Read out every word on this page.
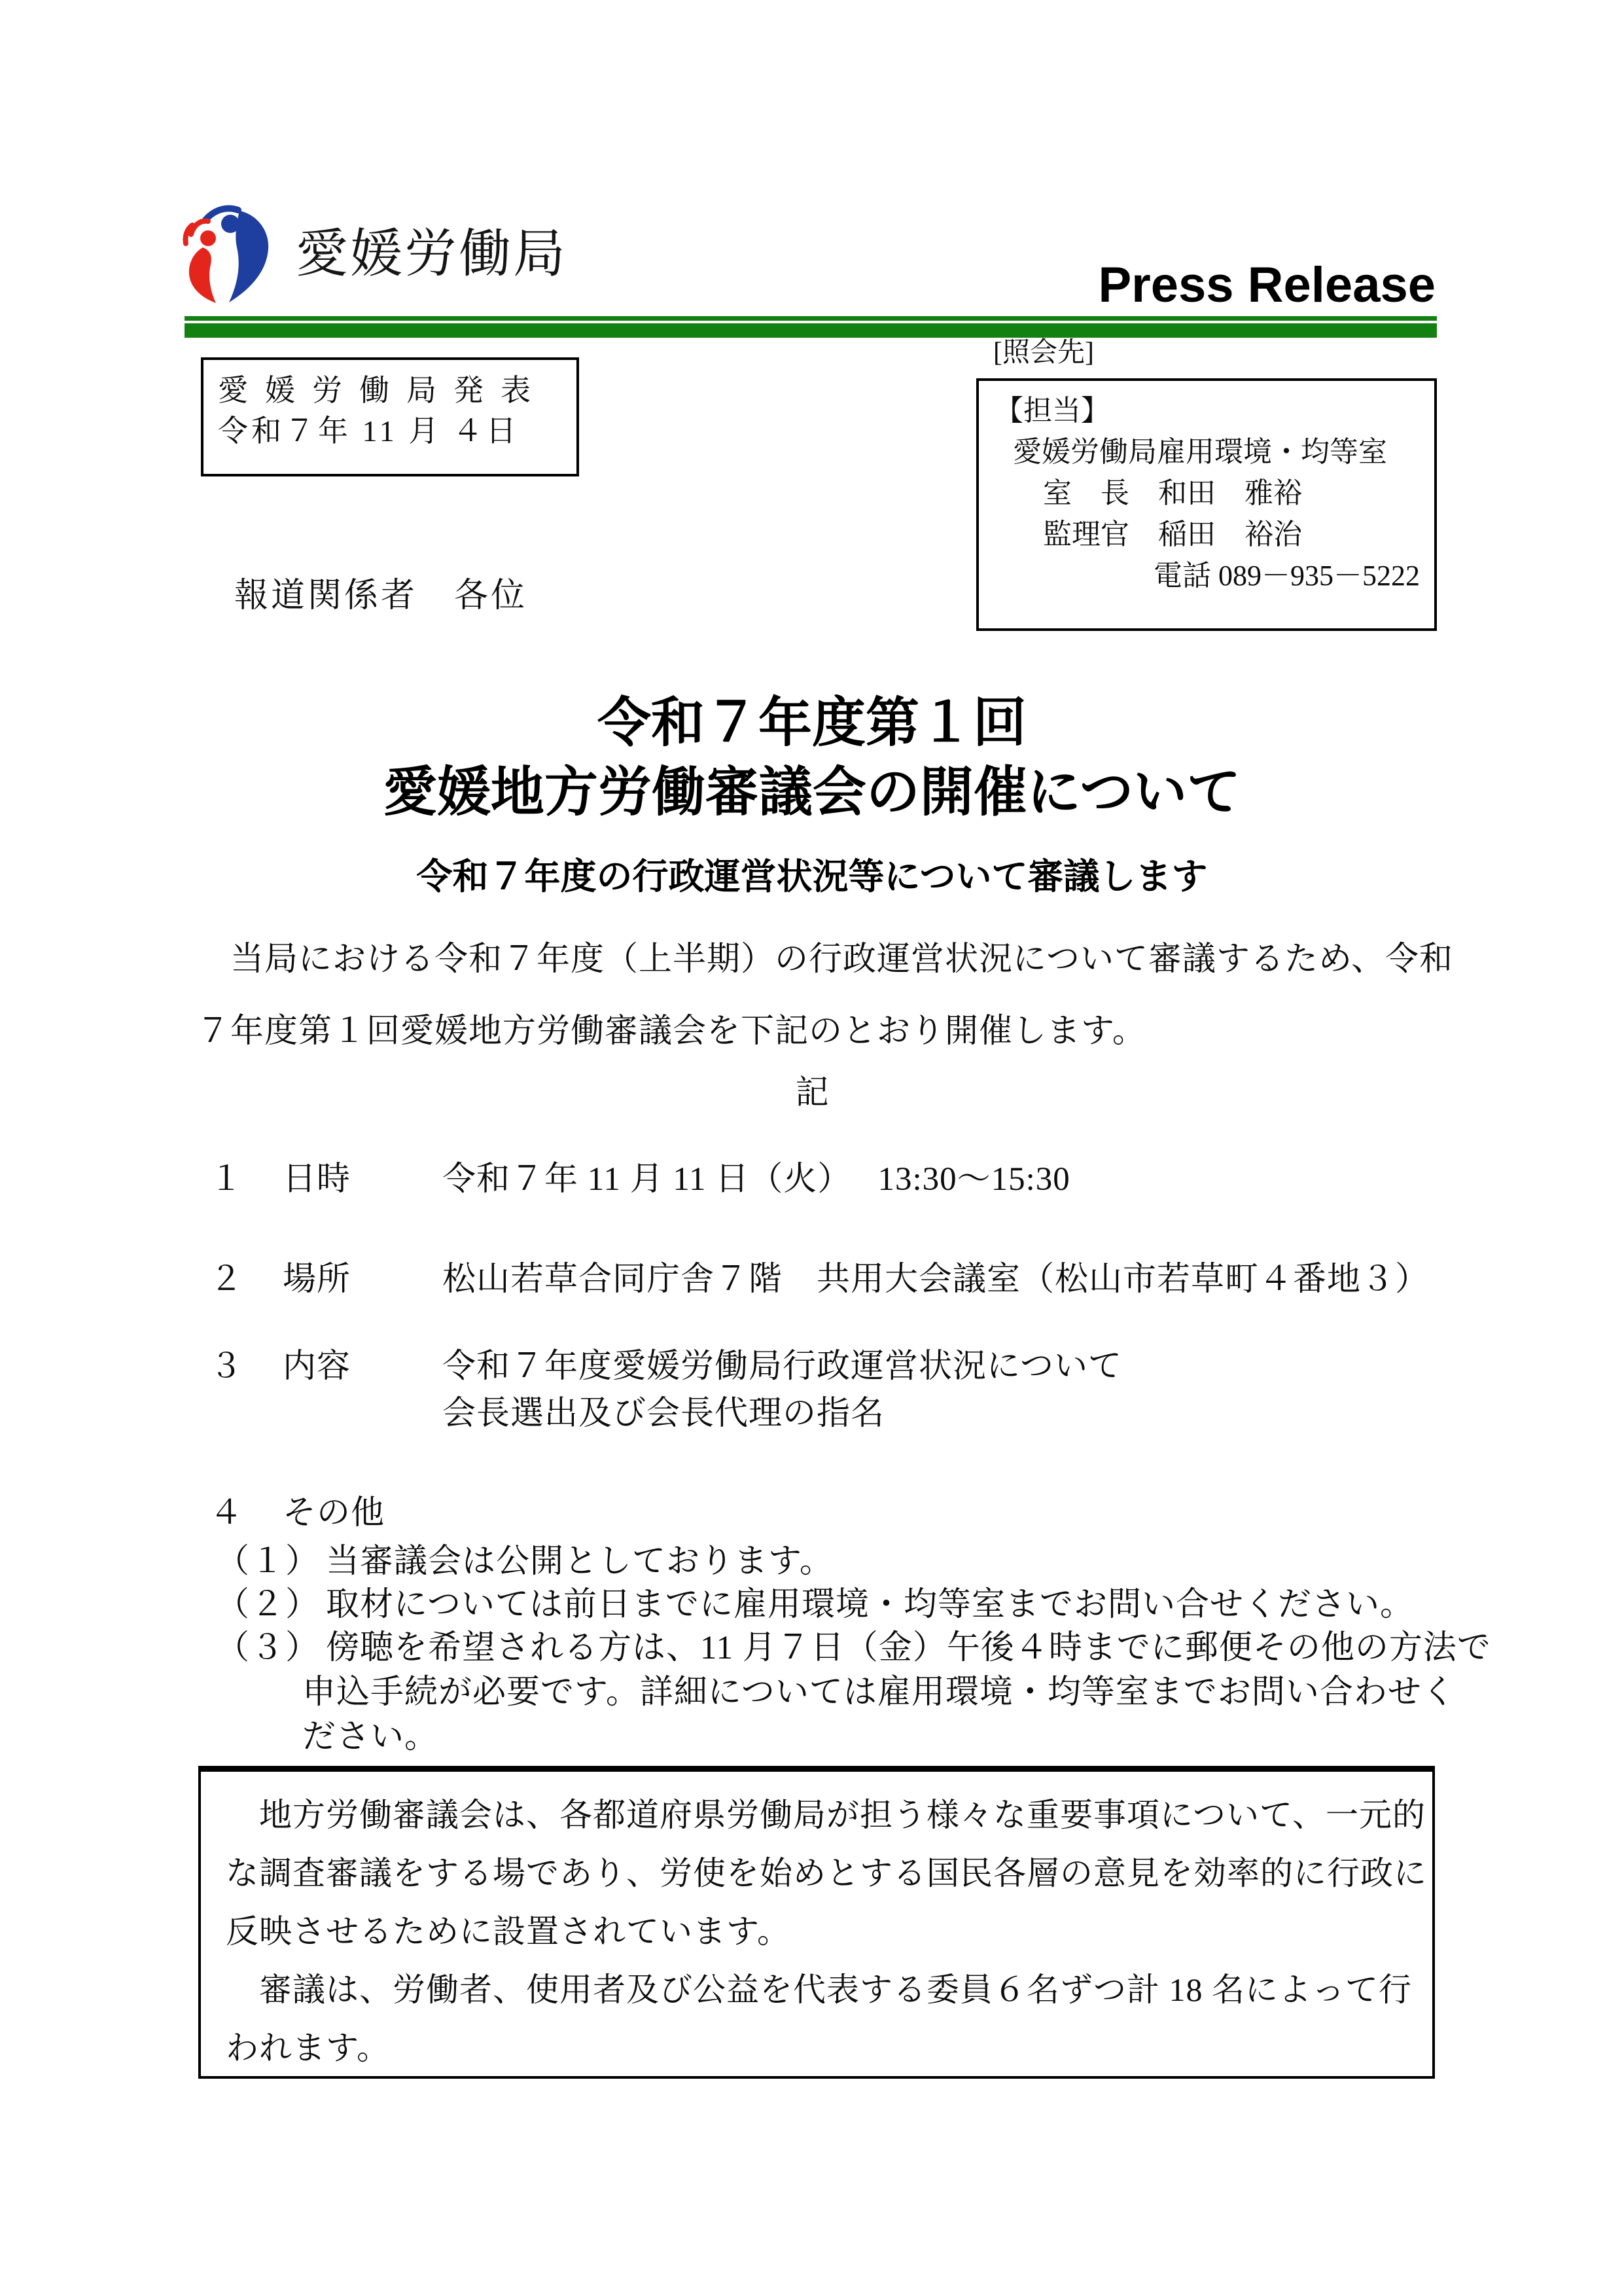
愛媛労働局
Press Release
[照会先]
愛媛労働局発表
令和７年 11 月 ４日
【担当】
愛媛労働局雇用環境・均等室
室　長　和田　雅裕
監理官　稲田　裕治
電話 089－935－5222
報道関係者　各位
令和７年度第１回
愛媛地方労働審議会の開催について
令和７年度の行政運営状況等について審議します
　当局における令和７年度（上半期）の行政運営状況について審議するため、令和
７年度第１回愛媛地方労働審議会を下記のとおり開催します。
記
１ 日時	令和７年 11 月 11 日（火）　 13:30～15:30
２ 場所	松山若草合同庁舎７階　共用大会議室（松山市若草町４番地３）
３ 内容	令和７年度愛媛労働局行政運営状況について
会長選出及び会長代理の指名
４ その他
（１） 当審議会は公開としております。
（２） 取材については前日までに雇用環境・均等室までお問い合せください。
（３） 傍聴を希望される方は、11 月７日（金）午後４時までに郵便その他の方法で
申込手続が必要です。詳細については雇用環境・均等室までお問い合わせく
ださい。
　地方労働審議会は、各都道府県労働局が担う様々な重要事項について、一元的
な調査審議をする場であり、労使を始めとする国民各層の意見を効率的に行政に
反映させるために設置されています。
　審議は、労働者、使用者及び公益を代表する委員６名ずつ計 18 名によって行
われます。
